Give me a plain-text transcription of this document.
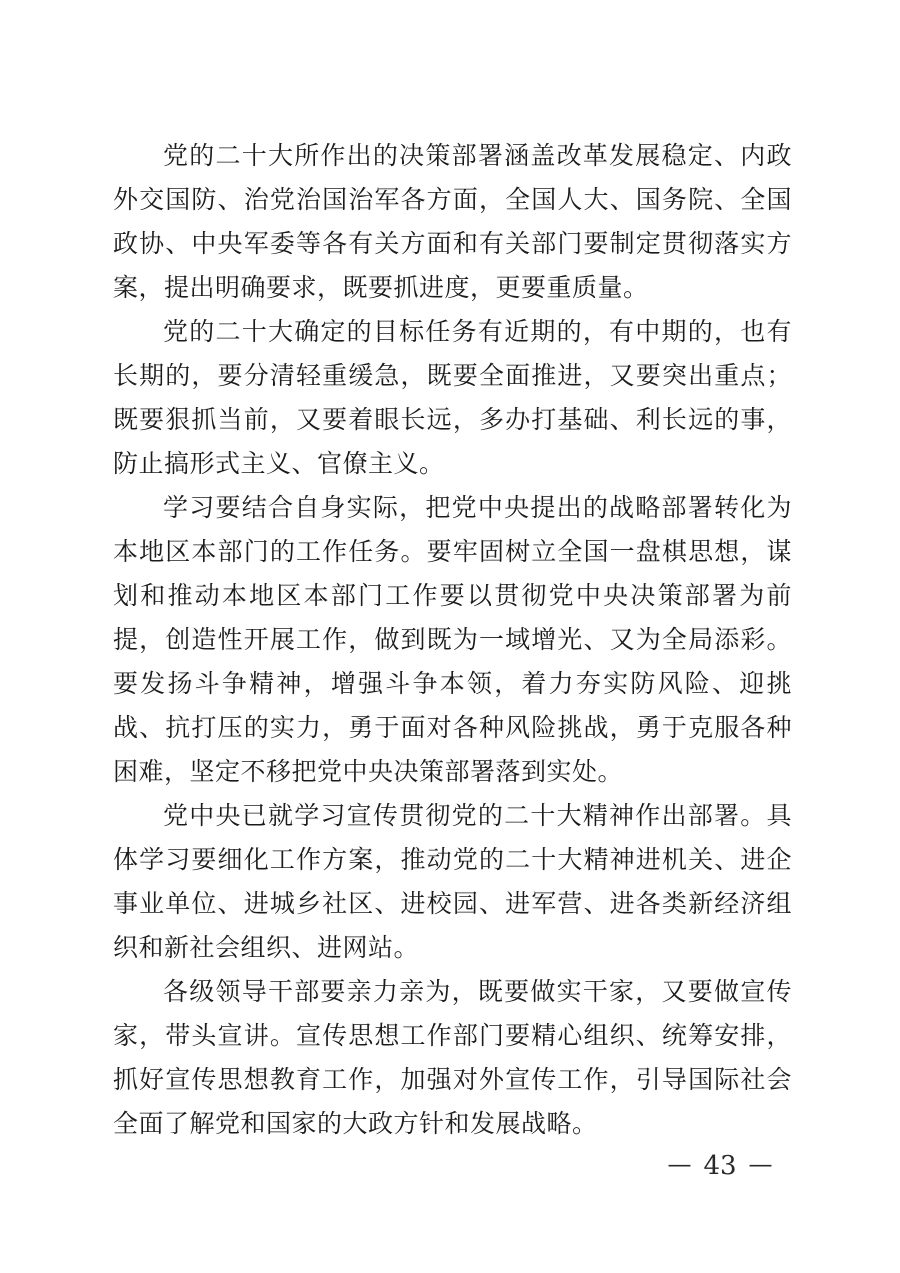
党的二十大所作出的决策部署涵盖改革发展稳定、内政外交国防、治党治国治军各方面，全国人大、国务院、全国政协、中央军委等各有关方面和有关部门要制定贯彻落实方案，提出明确要求，既要抓进度，更要重质量。

党的二十大确定的目标任务有近期的，有中期的，也有长期的，要分清轻重缓急，既要全面推进，又要突出重点；既要狠抓当前，又要着眼长远，多办打基础、利长远的事，防止搞形式主义、官僚主义。

学习要结合自身实际，把党中央提出的战略部署转化为本地区本部门的工作任务。要牢固树立全国一盘棋思想，谋划和推动本地区本部门工作要以贯彻党中央决策部署为前提，创造性开展工作，做到既为一域增光、又为全局添彩。要发扬斗争精神，增强斗争本领，着力夯实防风险、迎挑战、抗打压的实力，勇于面对各种风险挑战，勇于克服各种困难，坚定不移把党中央决策部署落到实处。

党中央已就学习宣传贯彻党的二十大精神作出部署。具体学习要细化工作方案，推动党的二十大精神进机关、进企事业单位、进城乡社区、进校园、进军营、进各类新经济组织和新社会组织、进网站。

各级领导干部要亲力亲为，既要做实干家，又要做宣传家，带头宣讲。宣传思想工作部门要精心组织、统筹安排，抓好宣传思想教育工作，加强对外宣传工作，引导国际社会全面了解党和国家的大政方针和发展战略。

— 43 —
